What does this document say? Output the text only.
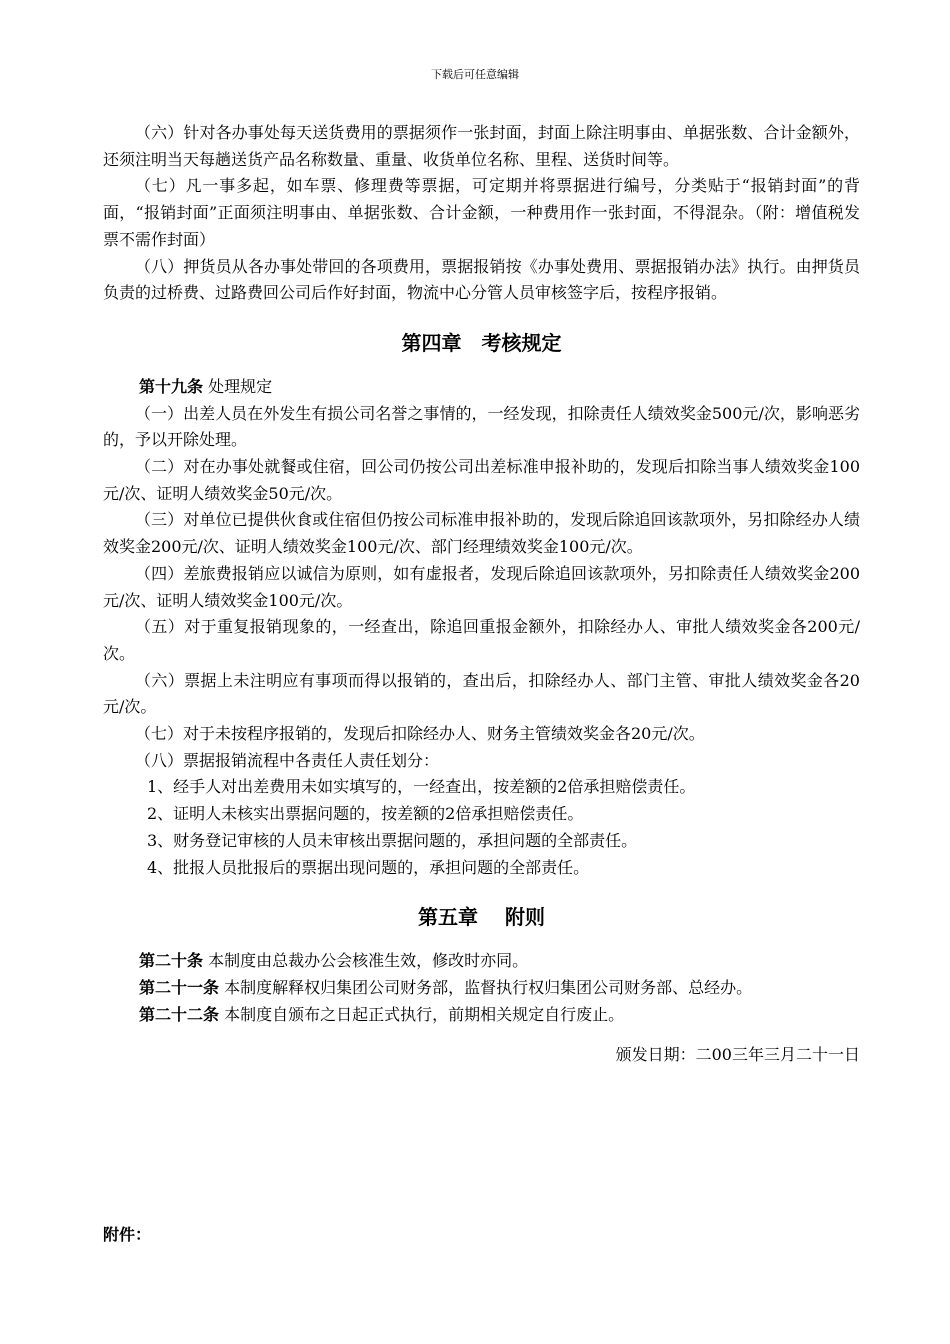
下载后可任意编辑

（六）针对各办事处每天送货费用的票据须作一张封面，封面上除注明事由、单据张数、合计金额外，还须注明当天每趟送货产品名称数量、重量、收货单位名称、里程、送货时间等。

（七）凡一事多起，如车票、修理费等票据，可定期并将票据进行编号，分类贴于“报销封面”的背面，“报销封面”正面须注明事由、单据张数、合计金额，一种费用作一张封面，不得混杂。（附：增值税发票不需作封面）

（八）押货员从各办事处带回的各项费用，票据报销按《办事处费用、票据报销办法》执行。由押货员负责的过桥费、过路费回公司后作好封面，物流中心分管人员审核签字后，按程序报销。

第四章　考核规定

第十九条 处理规定

（一）出差人员在外发生有损公司名誉之事情的，一经发现，扣除责任人绩效奖金500元/次，影响恶劣的，予以开除处理。

（二）对在办事处就餐或住宿，回公司仍按公司出差标准申报补助的，发现后扣除当事人绩效奖金100元/次、证明人绩效奖金50元/次。

（三）对单位已提供伙食或住宿但仍按公司标准申报补助的，发现后除追回该款项外，另扣除经办人绩效奖金200元/次、证明人绩效奖金100元/次、部门经理绩效奖金100元/次。

（四）差旅费报销应以诚信为原则，如有虚报者，发现后除追回该款项外，另扣除责任人绩效奖金200元/次、证明人绩效奖金100元/次。

（五）对于重复报销现象的，一经查出，除追回重报金额外，扣除经办人、审批人绩效奖金各200元/次。

（六）票据上未注明应有事项而得以报销的，查出后，扣除经办人、部门主管、审批人绩效奖金各20元/次。

（七）对于未按程序报销的，发现后扣除经办人、财务主管绩效奖金各20元/次。

（八）票据报销流程中各责任人责任划分：

1、经手人对出差费用未如实填写的，一经查出，按差额的2倍承担赔偿责任。

2、证明人未核实出票据问题的，按差额的2倍承担赔偿责任。

3、财务登记审核的人员未审核出票据问题的，承担问题的全部责任。

4、批报人员批报后的票据出现问题的，承担问题的全部责任。

第五章　 附则

第二十条 本制度由总裁办公会核准生效，修改时亦同。

第二十一条 本制度解释权归集团公司财务部，监督执行权归集团公司财务部、总经办。

第二十二条 本制度自颁布之日起正式执行，前期相关规定自行废止。

颁发日期：二00三年三月二十一日

附件：
